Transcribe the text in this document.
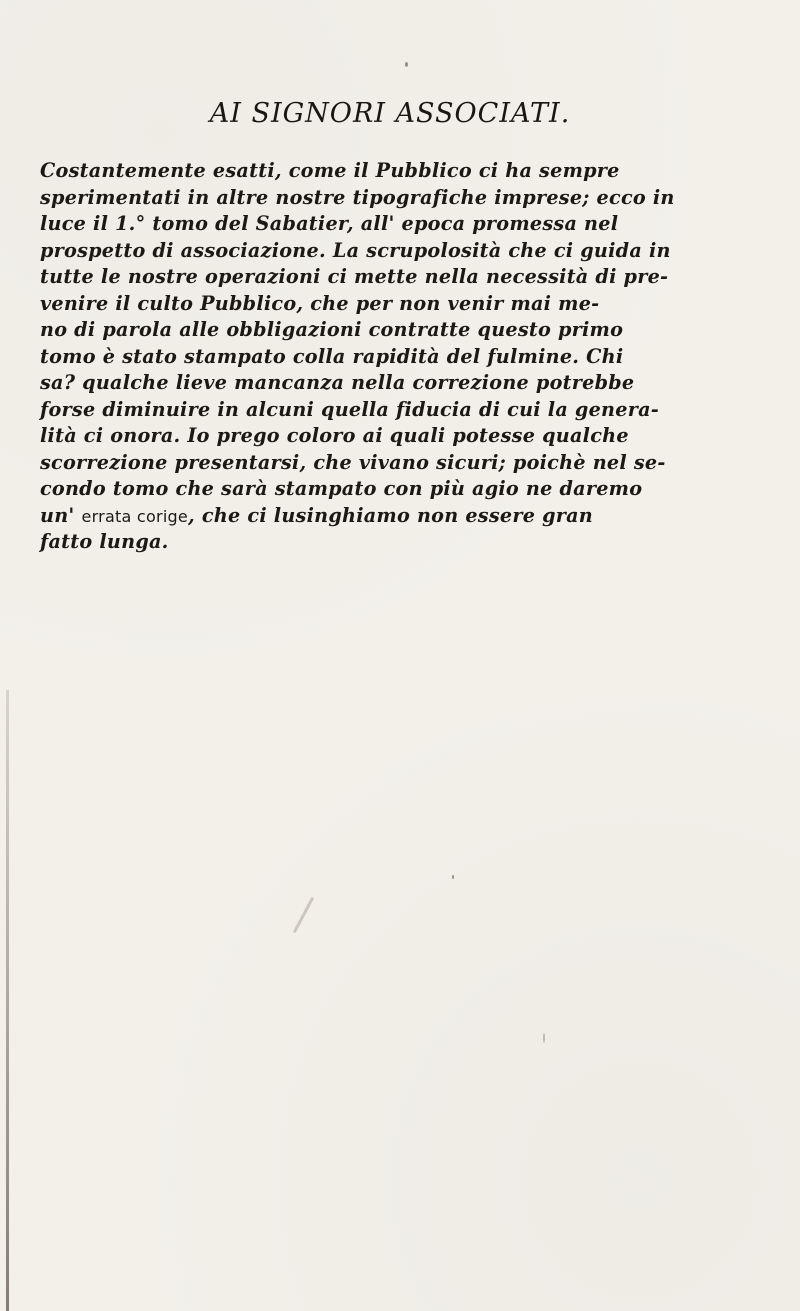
AI SIGNORI ASSOCIATI.
Costantemente esatti, come il Pubblico ci ha sempre
sperimentati in altre nostre tipografiche imprese; ecco in
luce il 1.° tomo del Sabatier, all' epoca promessa nel
prospetto di associazione. La scrupolosità che ci guida in
tutte le nostre operazioni ci mette nella necessità di pre-
venire il culto Pubblico, che per non venir mai me-
no di parola alle obbligazioni contratte questo primo
tomo è stato stampato colla rapidità del fulmine. Chi
sa? qualche lieve mancanza nella correzione potrebbe
forse diminuire in alcuni quella fiducia di cui la genera-
lità ci onora. Io prego coloro ai quali potesse qualche
scorrezione presentarsi, che vivano sicuri; poichè nel se-
condo tomo che sarà stampato con più agio ne daremo
un' errata corige, che ci lusinghiamo non essere gran
fatto lunga.
